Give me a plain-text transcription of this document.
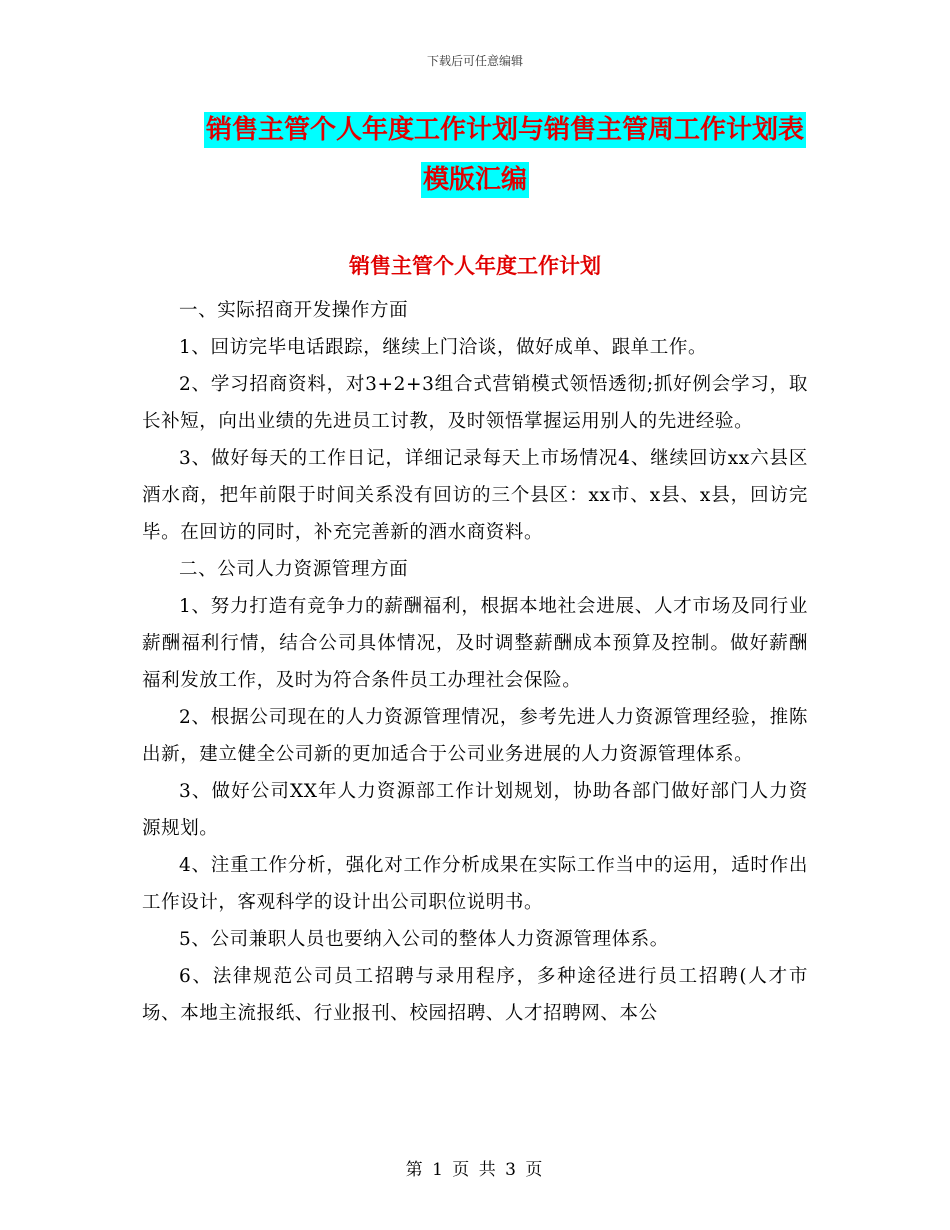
下载后可任意编辑
销售主管个人年度工作计划与销售主管周工作计划表
模版汇编
销售主管个人年度工作计划

一、实际招商开发操作方面

1、回访完毕电话跟踪，继续上门洽谈，做好成单、跟单工作。

2、学习招商资料，对3+2+3组合式营销模式领悟透彻;抓好例会学习，取长补短，向出业绩的先进员工讨教，及时领悟掌握运用别人的先进经验。

3、做好每天的工作日记，详细记录每天上市场情况4、继续回访xx六县区酒水商，把年前限于时间关系没有回访的三个县区：xx市、x县、x县，回访完毕。在回访的同时，补充完善新的酒水商资料。

二、公司人力资源管理方面

1、努力打造有竞争力的薪酬福利，根据本地社会进展、人才市场及同行业薪酬福利行情，结合公司具体情况，及时调整薪酬成本预算及控制。做好薪酬福利发放工作，及时为符合条件员工办理社会保险。

2、根据公司现在的人力资源管理情况，参考先进人力资源管理经验，推陈出新，建立健全公司新的更加适合于公司业务进展的人力资源管理体系。

3、做好公司XX年人力资源部工作计划规划，协助各部门做好部门人力资源规划。

4、注重工作分析，强化对工作分析成果在实际工作当中的运用，适时作出工作设计，客观科学的设计出公司职位说明书。

5、公司兼职人员也要纳入公司的整体人力资源管理体系。

6、法律规范公司员工招聘与录用程序，多种途径进行员工招聘(人才市场、本地主流报纸、行业报刊、校园招聘、人才招聘网、本公

第 1 页 共 3 页
